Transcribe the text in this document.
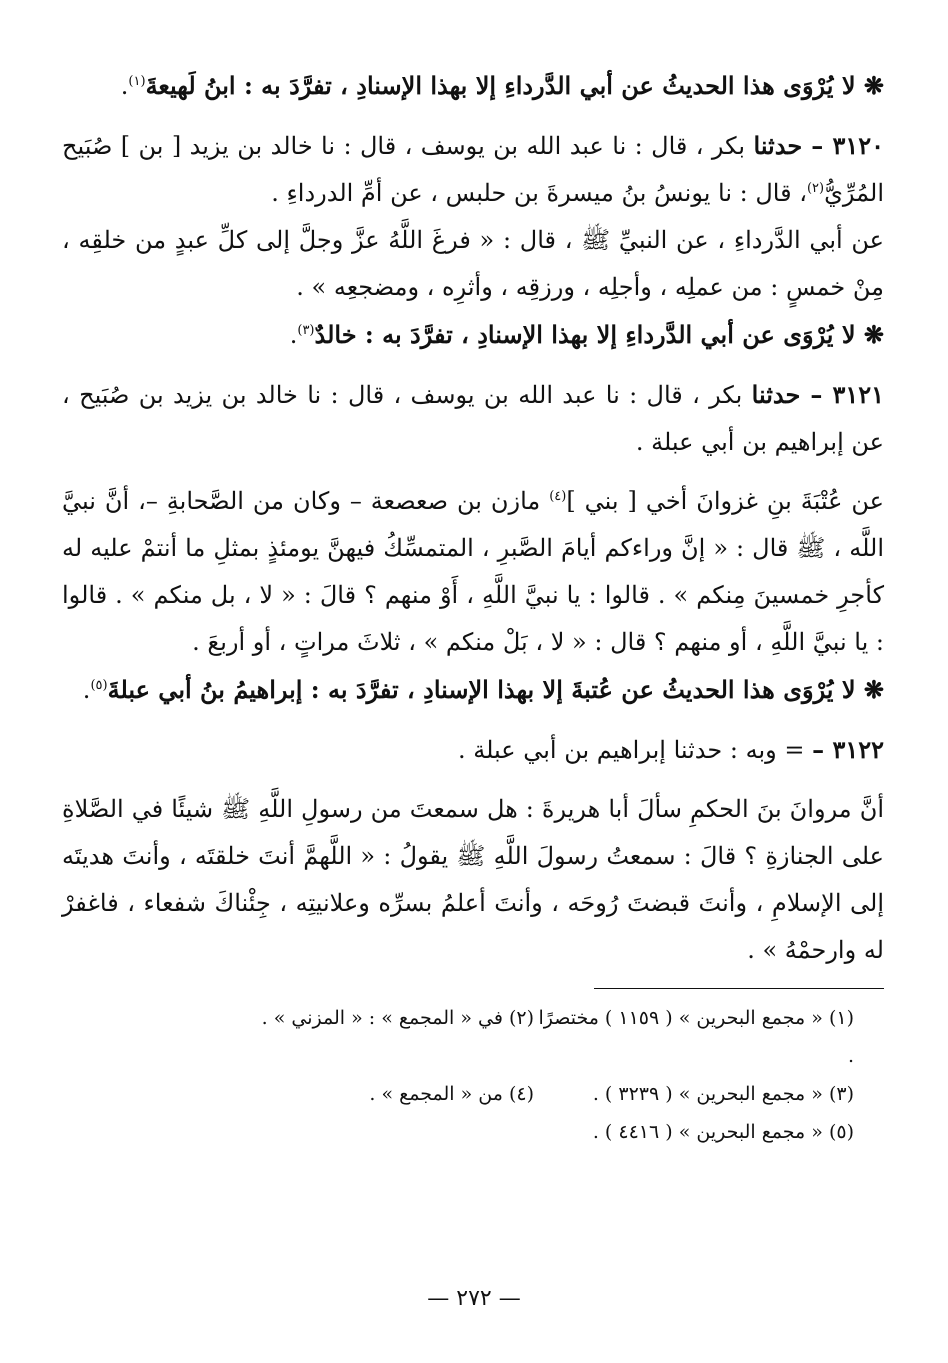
❋ لا يُرْوَى هذا الحديثُ عن أبي الدَّرداءِ إلا بهذا الإسنادِ ، تفرَّدَ به : ابنُ لَهيعةَ$^{(١)}$.

٣١٢٠ – حدثنا بكر ، قال : نا عبد الله بن يوسف ، قال : نا خالد بن يزيد [ بن ] صُبَيح المُرِّيُّ$^{(٢)}$، قال : نا يونسُ بنُ ميسرةَ بن حلبس ، عن أمِّ الدرداءِ .

عن أبي الدَّرداءِ ، عن النبيِّ ﷺ ، قال : « فرغَ اللَّهُ عزَّ وجلَّ إلى كلِّ عبدٍ من خلقِه ، مِنْ خمسٍ : من عملِه ، وأجلِه ، ورزقِه ، وأثرِه ، ومضجعِه » .

❋ لا يُرْوَى عن أبي الدَّرداءِ إلا بهذا الإسنادِ ، تفرَّدَ به : خالدٌ$^{(٣)}$.

٣١٢١ – حدثنا بكر ، قال : نا عبد الله بن يوسف ، قال : نا خالد بن يزيد بن صُبَيح ، عن إبراهيم بن أبي عبلة .

عن عُتْبَةَ بنِ غزوانَ أخي [ بني ]$^{(٤)}$ مازن بن صعصعة – وكان من الصَّحابةِ –، أنَّ نبيَّ اللَّه ، ﷺ قال : « إنَّ وراءكم أيامَ الصَّبرِ ، المتمسِّكُ فيهنَّ يومئذٍ بمثلِ ما أنتمْ عليه له كأجرِ خمسينَ مِنكم » . قالوا : يا نبيَّ اللَّهِ ، أَوْ منهم ؟ قالَ : « لا ، بل منكم » . قالوا : يا نبيَّ اللَّهِ ، أو منهم ؟ قال : « لا ، بَلْ منكم » ، ثلاثَ مراتٍ ، أو أربعَ .

❋ لا يُرْوَى هذا الحديثُ عن عُتبةَ إلا بهذا الإسنادِ ، تفرَّدَ به : إبراهيمُ بنُ أبي عبلةَ$^{(٥)}$.

٣١٢٢ – = وبه : حدثنا إبراهيم بن أبي عبلة .

أنَّ مروانَ بنَ الحكمِ سألَ أبا هريرةَ : هل سمعتَ من رسولِ اللَّهِ ﷺ شيئًا في الصَّلاةِ على الجنازةِ ؟ قالَ : سمعتُ رسولَ اللَّهِ ﷺ يقولُ : « اللَّهمَّ أنتَ خلقتَه ، وأنتَ هديتَه إلى الإسلامِ ، وأنتَ قبضتَ رُوحَه ، وأنتَ أعلمُ بسرِّه وعلانيتِه ، جِئْناكَ شفعاء ، فاغفرْ له وارحمْهُ » .

(١) « مجمع البحرين » ( ١١٥٩ ) مختصرًا .
(٢) في « المجمع » : « المزني » .
(٣) « مجمع البحرين » ( ٣٢٣٩ ) .
(٤) من « المجمع » .
(٥) « مجمع البحرين » ( ٤٤١٦ ) .
— ٢٧٢ —
